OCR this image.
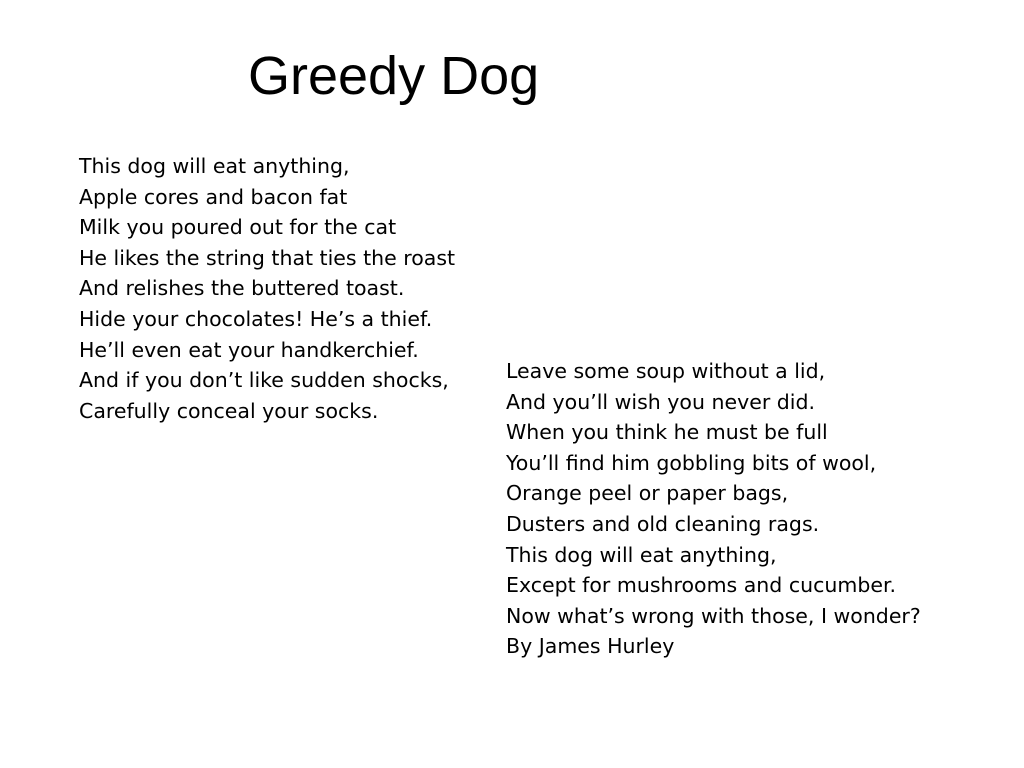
Greedy Dog
This dog will eat anything,
Apple cores and bacon fat
Milk you poured out for the cat
He likes the string that ties the roast
And relishes the buttered toast.
Hide your chocolates! He’s a thief.
He’ll even eat your handkerchief.
And if you don’t like sudden shocks,
Carefully conceal your socks.
Leave some soup without a lid,
And you’ll wish you never did.
When you think he must be full
You’ll find him gobbling bits of wool,
Orange peel or paper bags,
Dusters and old cleaning rags.
This dog will eat anything,
Except for mushrooms and cucumber.
Now what’s wrong with those, I wonder?
By James Hurley
